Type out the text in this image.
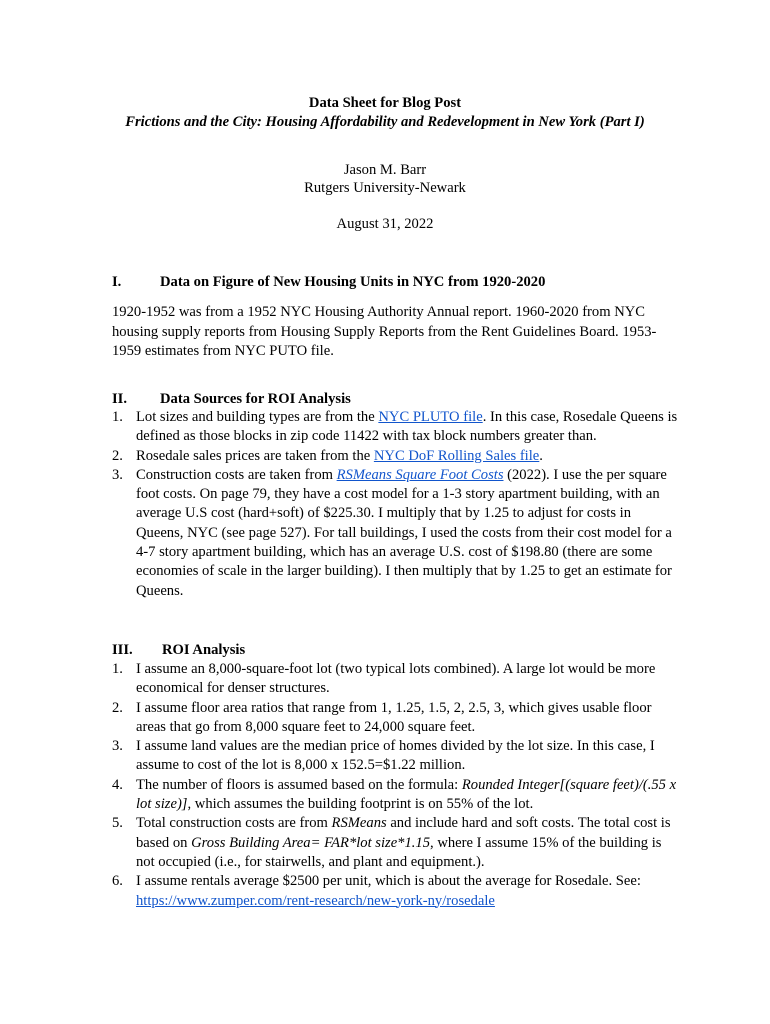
Data Sheet for Blog Post
Frictions and the City: Housing Affordability and Redevelopment in New York (Part I)
Jason M. Barr
Rutgers University-Newark
August 31, 2022
I.	Data on Figure of New Housing Units in NYC from 1920-2020
1920-1952 was from a 1952 NYC Housing Authority Annual report. 1960-2020 from NYC housing supply reports from Housing Supply Reports from the Rent Guidelines Board. 1953-1959 estimates from NYC PUTO file.
II. Data Sources for ROI Analysis
1. Lot sizes and building types are from the NYC PLUTO file. In this case, Rosedale Queens is defined as those blocks in zip code 11422 with tax block numbers greater than.
2. Rosedale sales prices are taken from the NYC DoF Rolling Sales file.
3. Construction costs are taken from RSMeans Square Foot Costs (2022). I use the per square foot costs. On page 79, they have a cost model for a 1-3 story apartment building, with an average U.S cost (hard+soft) of $225.30. I multiply that by 1.25 to adjust for costs in Queens, NYC (see page 527). For tall buildings, I used the costs from their cost model for a 4-7 story apartment building, which has an average U.S. cost of $198.80 (there are some economies of scale in the larger building). I then multiply that by 1.25 to get an estimate for Queens.
III. ROI Analysis
1. I assume an 8,000-square-foot lot (two typical lots combined). A large lot would be more economical for denser structures.
2. I assume floor area ratios that range from 1, 1.25, 1.5, 2, 2.5, 3, which gives usable floor areas that go from 8,000 square feet to 24,000 square feet.
3. I assume land values are the median price of homes divided by the lot size. In this case, I assume to cost of the lot is 8,000 x 152.5=$1.22 million.
4. The number of floors is assumed based on the formula: Rounded Integer[(square feet)/(.55 x lot size)], which assumes the building footprint is on 55% of the lot.
5. Total construction costs are from RSMeans and include hard and soft costs. The total cost is based on Gross Building Area= FAR*lot size*1.15, where I assume 15% of the building is not occupied (i.e., for stairwells, and plant and equipment.).
6. I assume rentals average $2500 per unit, which is about the average for Rosedale. See:
https://www.zumper.com/rent-research/new-york-ny/rosedale
